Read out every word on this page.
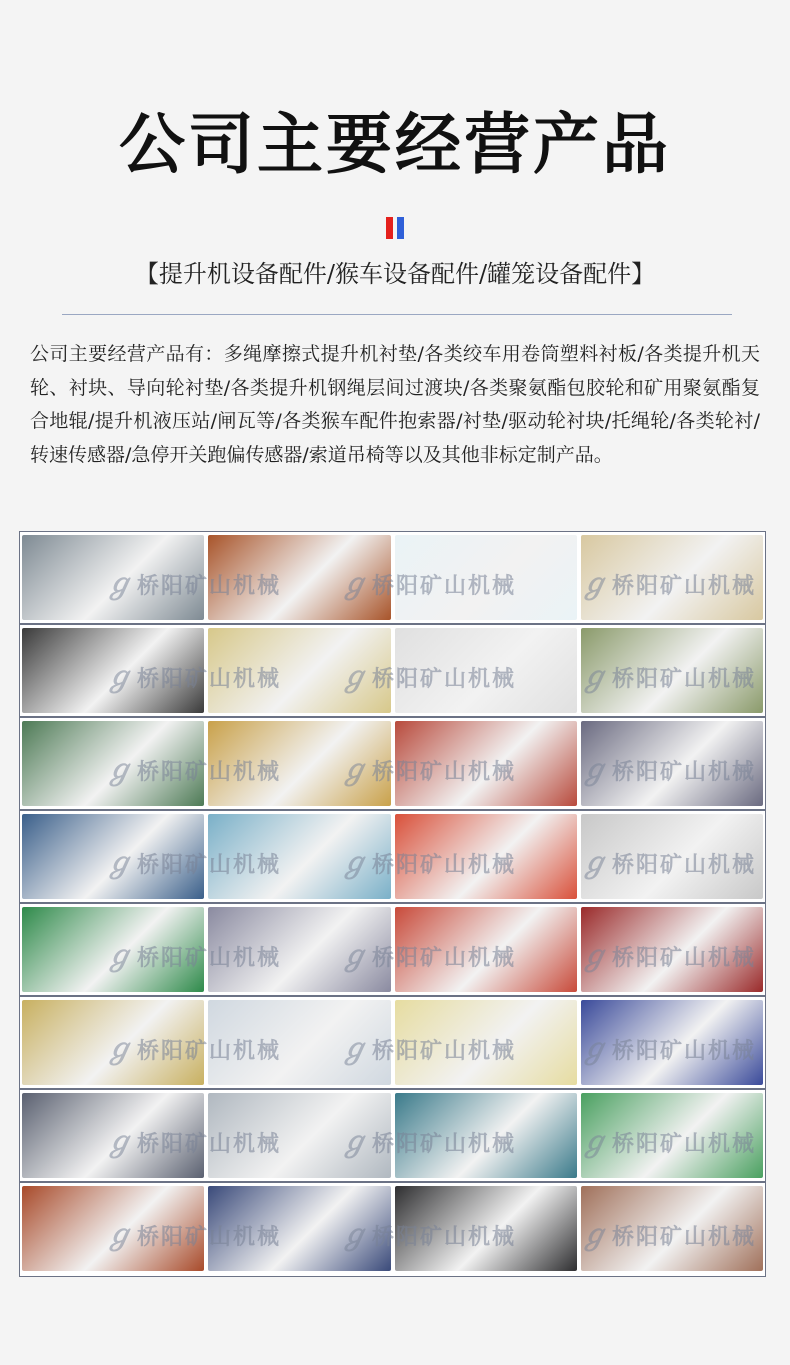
公司主要经营产品
【提升机设备配件/猴车设备配件/罐笼设备配件】
公司主要经营产品有：多绳摩擦式提升机衬垫/各类绞车用卷筒塑料衬板/各类提升机天轮、衬块、导向轮衬垫/各类提升机钢绳层间过渡块/各类聚氨酯包胶轮和矿用聚氨酯复合地辊/提升机液压站/闸瓦等/各类猴车配件抱索器/衬垫/驱动轮衬块/托绳轮/各类轮衬/转速传感器/急停开关跑偏传感器/索道吊椅等以及其他非标定制产品。
ℊ桥阳矿山机械 ℊ桥阳矿山机械 ℊ桥阳矿山机械
ℊ桥阳矿山机械 ℊ桥阳矿山机械 ℊ桥阳矿山机械
ℊ桥阳矿山机械 ℊ桥阳矿山机械 ℊ桥阳矿山机械
ℊ桥阳矿山机械 ℊ桥阳矿山机械 ℊ桥阳矿山机械
ℊ桥阳矿山机械 ℊ桥阳矿山机械 ℊ桥阳矿山机械
ℊ桥阳矿山机械 ℊ桥阳矿山机械 ℊ桥阳矿山机械
ℊ桥阳矿山机械 ℊ桥阳矿山机械 ℊ桥阳矿山机械
ℊ桥阳矿山机械 ℊ桥阳矿山机械 ℊ桥阳矿山机械
